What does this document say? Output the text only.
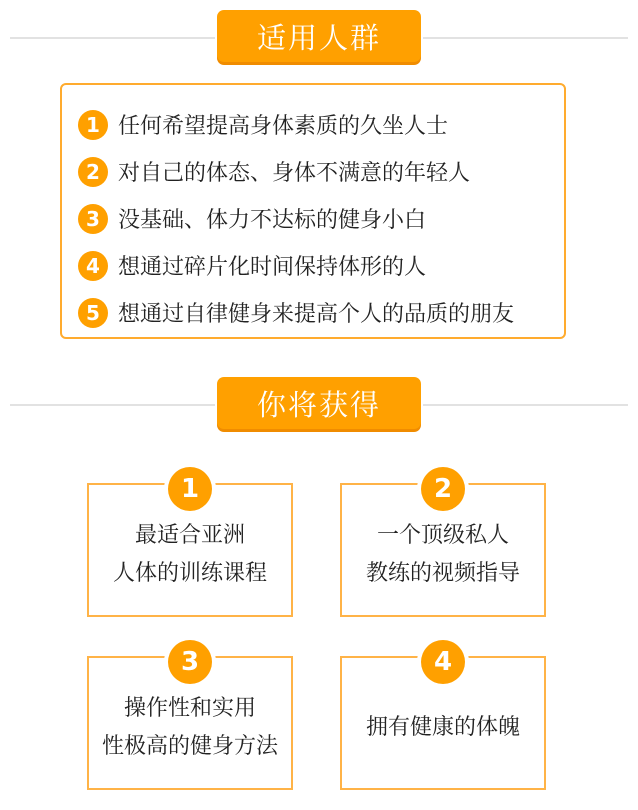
适用人群
1 任何希望提高身体素质的久坐人士
2 对自己的体态、身体不满意的年轻人
3 没基础、体力不达标的健身小白
4 想通过碎片化时间保持体形的人
5 想通过自律健身来提高个人的品质的朋友
你将获得
1
最适合亚洲
人体的训练课程
2
一个顶级私人
教练的视频指导
3
操作性和实用
性极高的健身方法
4
拥有健康的体魄
